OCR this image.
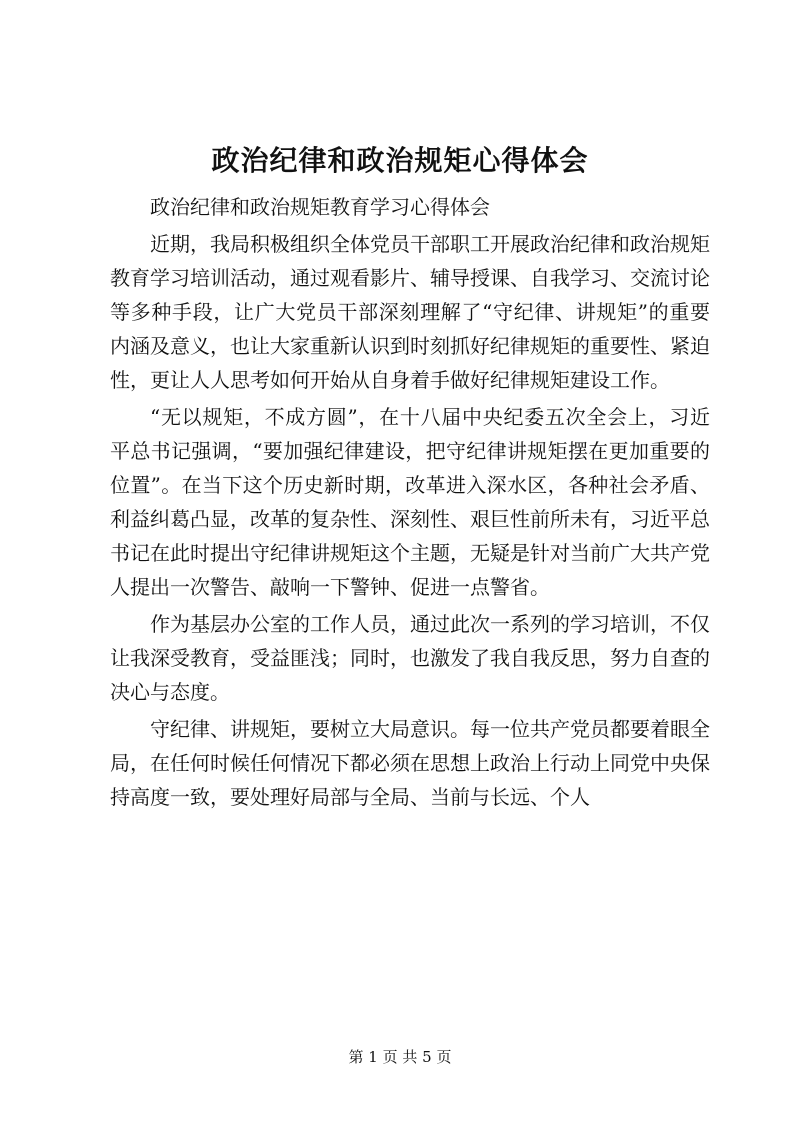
政治纪律和政治规矩心得体会

政治纪律和政治规矩教育学习心得体会

近期，我局积极组织全体党员干部职工开展政治纪律和政治规矩教育学习培训活动，通过观看影片、辅导授课、自我学习、交流讨论等多种手段，让广大党员干部深刻理解了“守纪律、讲规矩”的重要内涵及意义，也让大家重新认识到时刻抓好纪律规矩的重要性、紧迫性，更让人人思考如何开始从自身着手做好纪律规矩建设工作。

“无以规矩，不成方圆”，在十八届中央纪委五次全会上，习近平总书记强调，“要加强纪律建设，把守纪律讲规矩摆在更加重要的位置”。在当下这个历史新时期，改革进入深水区，各种社会矛盾、利益纠葛凸显，改革的复杂性、深刻性、艰巨性前所未有，习近平总书记在此时提出守纪律讲规矩这个主题，无疑是针对当前广大共产党人提出一次警告、敲响一下警钟、促进一点警省。

作为基层办公室的工作人员，通过此次一系列的学习培训，不仅让我深受教育，受益匪浅；同时，也激发了我自我反思，努力自查的决心与态度。

守纪律、讲规矩，要树立大局意识。每一位共产党员都要着眼全局，在任何时候任何情况下都必须在思想上政治上行动上同党中央保持高度一致，要处理好局部与全局、当前与长远、个人

第 1 页 共 5 页
